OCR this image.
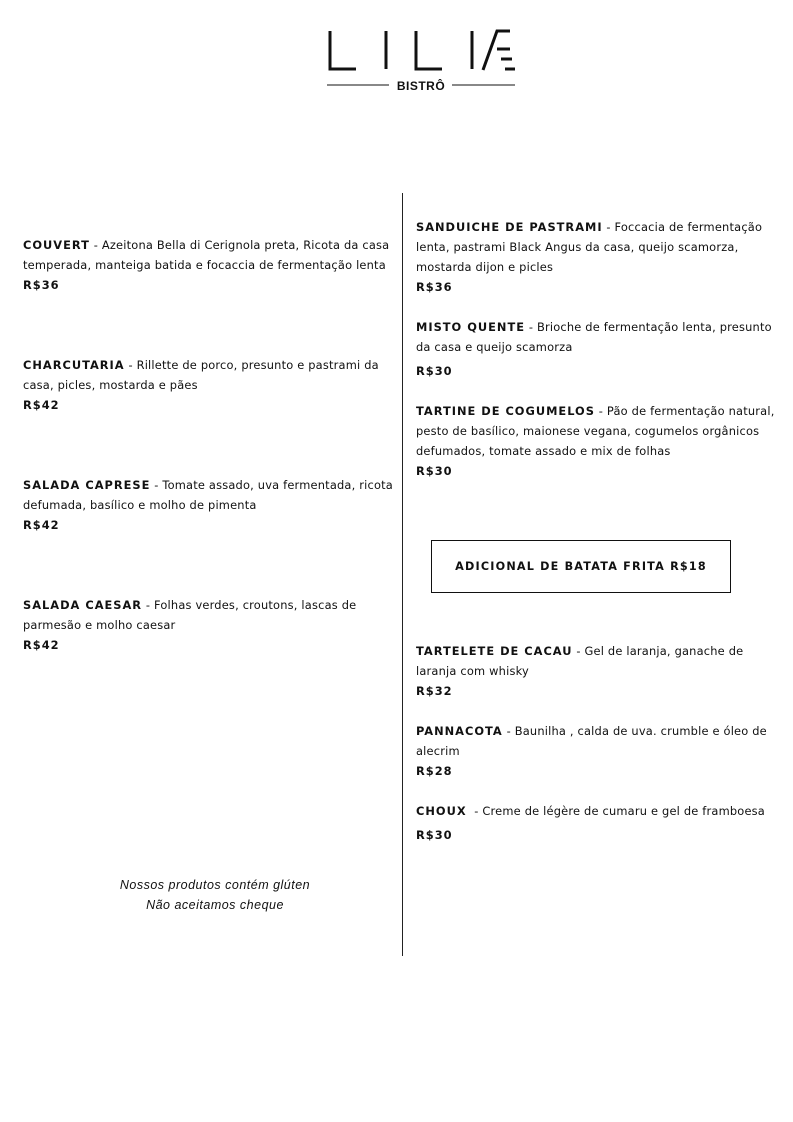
BISTRÔ

COUVERT - Azeitona Bella di Cerignola preta, Ricota da casa temperada, manteiga batida e focaccia de fermentação lenta
R$36

CHARCUTARIA - Rillette de porco, presunto e pastrami da casa, picles, mostarda e pães
R$42

SALADA CAPRESE - Tomate assado, uva fermentada, ricota defumada, basílico e molho de pimenta
R$42

SALADA CAESAR - Folhas verdes, croutons, lascas de parmesão e molho caesar
R$42

SANDUICHE DE PASTRAMI - Foccacia de fermentação lenta, pastrami Black Angus da casa, queijo scamorza, mostarda dijon e picles
R$36

MISTO QUENTE - Brioche de fermentação lenta, presunto da casa e queijo scamorza
R$30

TARTINE DE COGUMELOS - Pão de fermentação natural, pesto de basílico, maionese vegana, cogumelos orgânicos defumados, tomate assado e mix de folhas
R$30

ADICIONAL DE BATATA FRITA R$18

TARTELETE DE CACAU - Gel de laranja, ganache de laranja com whisky
R$32

PANNACOTA - Baunilha , calda de uva. crumble e óleo de alecrim
R$28

CHOUX  - Creme de légère de cumaru e gel de framboesa
R$30

Nossos produtos contém glúten
Não aceitamos cheque
